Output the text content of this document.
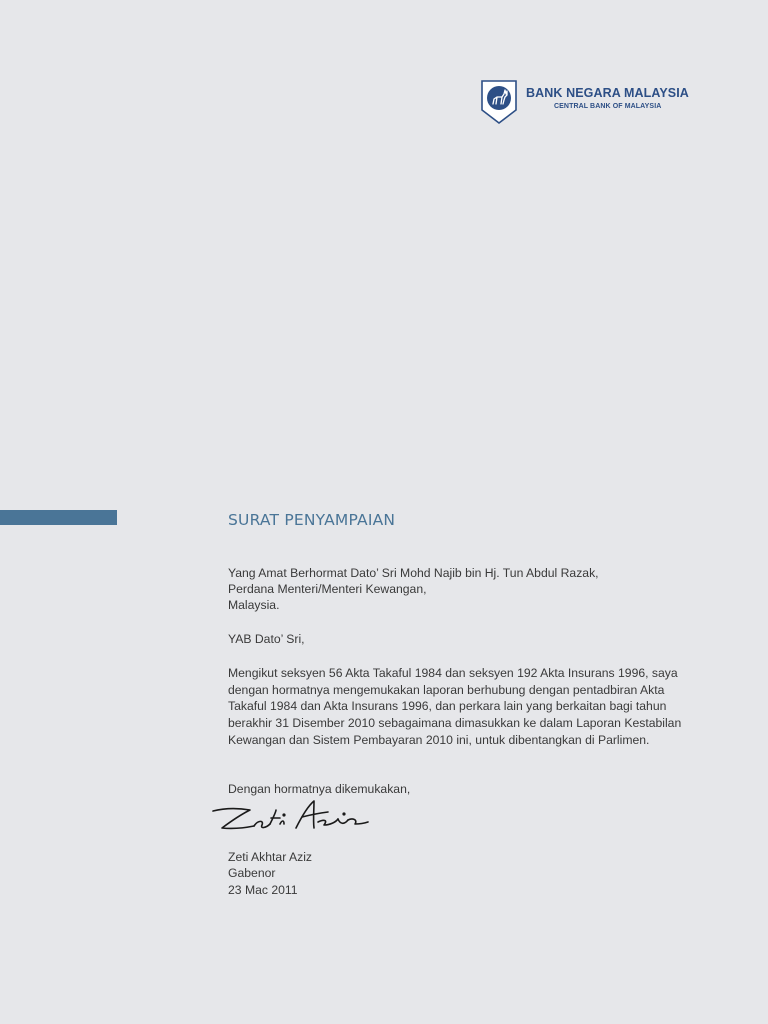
BANK NEGARA MALAYSIA
CENTRAL BANK OF MALAYSIA
SURAT PENYAMPAIAN
Yang Amat Berhormat Dato’ Sri Mohd Najib bin Hj. Tun Abdul Razak,
Perdana Menteri/Menteri Kewangan,
Malaysia.
YAB Dato’ Sri,
Mengikut seksyen 56 Akta Takaful 1984 dan seksyen 192 Akta Insurans 1996, saya
dengan hormatnya mengemukakan laporan berhubung dengan pentadbiran Akta
Takaful 1984 dan Akta Insurans 1996, dan perkara lain yang berkaitan bagi tahun
berakhir 31 Disember 2010 sebagaimana dimasukkan ke dalam Laporan Kestabilan
Kewangan dan Sistem Pembayaran 2010 ini, untuk dibentangkan di Parlimen.
Dengan hormatnya dikemukakan,
Zeti Akhtar Aziz
Gabenor
23 Mac 2011
